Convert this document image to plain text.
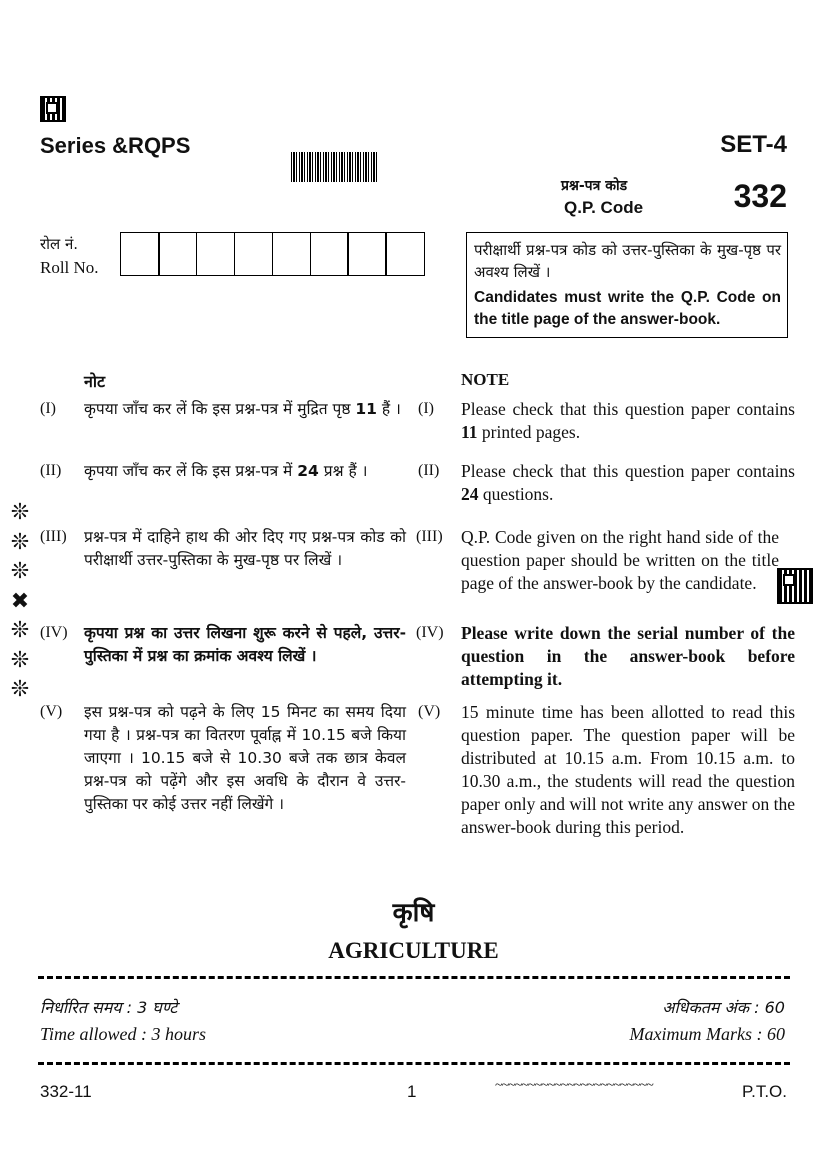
Series &RQPS	SET-4
प्रश्न-पत्र कोड
Q.P. Code	332
रोल नं.
Roll No.
परीक्षार्थी प्रश्न-पत्र कोड को उत्तर-पुस्तिका के मुख-पृष्ठ पर अवश्य लिखें ।
Candidates must write the Q.P. Code on the title page of the answer-book.
नोट	NOTE
(I) कृपया जाँच कर लें कि इस प्रश्न-पत्र में मुद्रित पृष्ठ 11 हैं ।	(I) Please check that this question paper contains 11 printed pages.
(II) कृपया जाँच कर लें कि इस प्रश्न-पत्र में 24 प्रश्न हैं ।	(II) Please check that this question paper contains 24 questions.
(III) प्रश्न-पत्र में दाहिने हाथ की ओर दिए गए प्रश्न-पत्र कोड को परीक्षार्थी उत्तर-पुस्तिका के मुख-पृष्ठ पर लिखें ।
(III) Q.P. Code given on the right hand side of the question paper should be written on the title page of the answer-book by the candidate.
(IV) कृपया प्रश्न का उत्तर लिखना शुरू करने से पहले, उत्तर-पुस्तिका में प्रश्न का क्रमांक अवश्य लिखें ।
(IV) Please write down the serial number of the question in the answer-book before attempting it.
(V) इस प्रश्न-पत्र को पढ़ने के लिए 15 मिनट का समय दिया गया है । प्रश्न-पत्र का वितरण पूर्वाह्न में 10.15 बजे किया जाएगा । 10.15 बजे से 10.30 बजे तक छात्र केवल प्रश्न-पत्र को पढ़ेंगे और इस अवधि के दौरान वे उत्तर-पुस्तिका पर कोई उत्तर नहीं लिखेंगे ।
(V) 15 minute time has been allotted to read this question paper. The question paper will be distributed at 10.15 a.m. From 10.15 a.m. to 10.30 a.m., the students will read the question paper only and will not write any answer on the answer-book during this period.
❊
❊
❊
✖
❊
❊
❊
कृषि
AGRICULTURE
निर्धारित समय : 3 घण्टे
Time allowed : 3 hours
अधिकतम अंक : 60
Maximum Marks : 60
332-11	1	~~~~~~~~~~~~~~~~~~~~~~~~	P.T.O.
